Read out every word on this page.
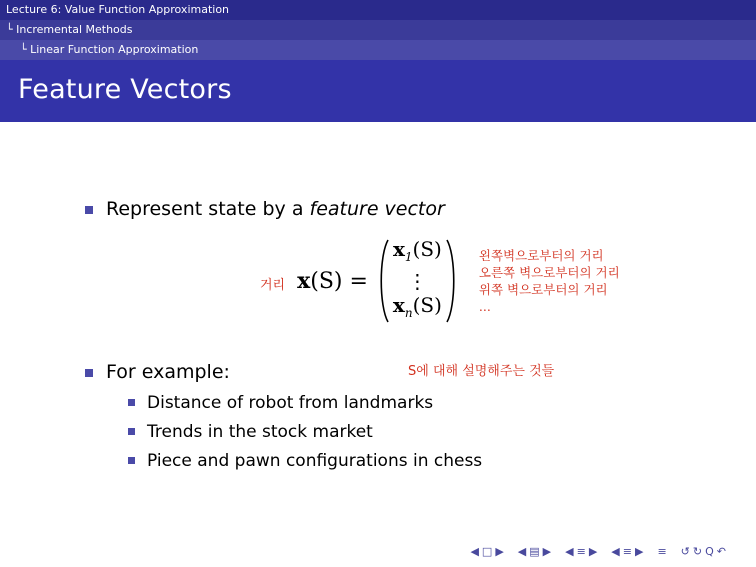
Lecture 6: Value Function Approximation
└ Incremental Methods
└ Linear Function Approximation
Feature Vectors
Represent state by a feature vector
거리 x(S) =
$x_1(S)$
⋮
$x_n(S)$
왼쪽벽으로부터의 거리
오른쪽 벽으로부터의 거리
위쪽 벽으로부터의 거리
...
S에 대해 설명해주는 것들
For example:
Distance of robot from landmarks
Trends in the stock market
Piece and pawn configurations in chess
◀ □ ▶ ◀ ▤ ▶ ◀ ≡ ▶ ◀ ≡ ▶ ≡ ↺ ↻ Q ↶
